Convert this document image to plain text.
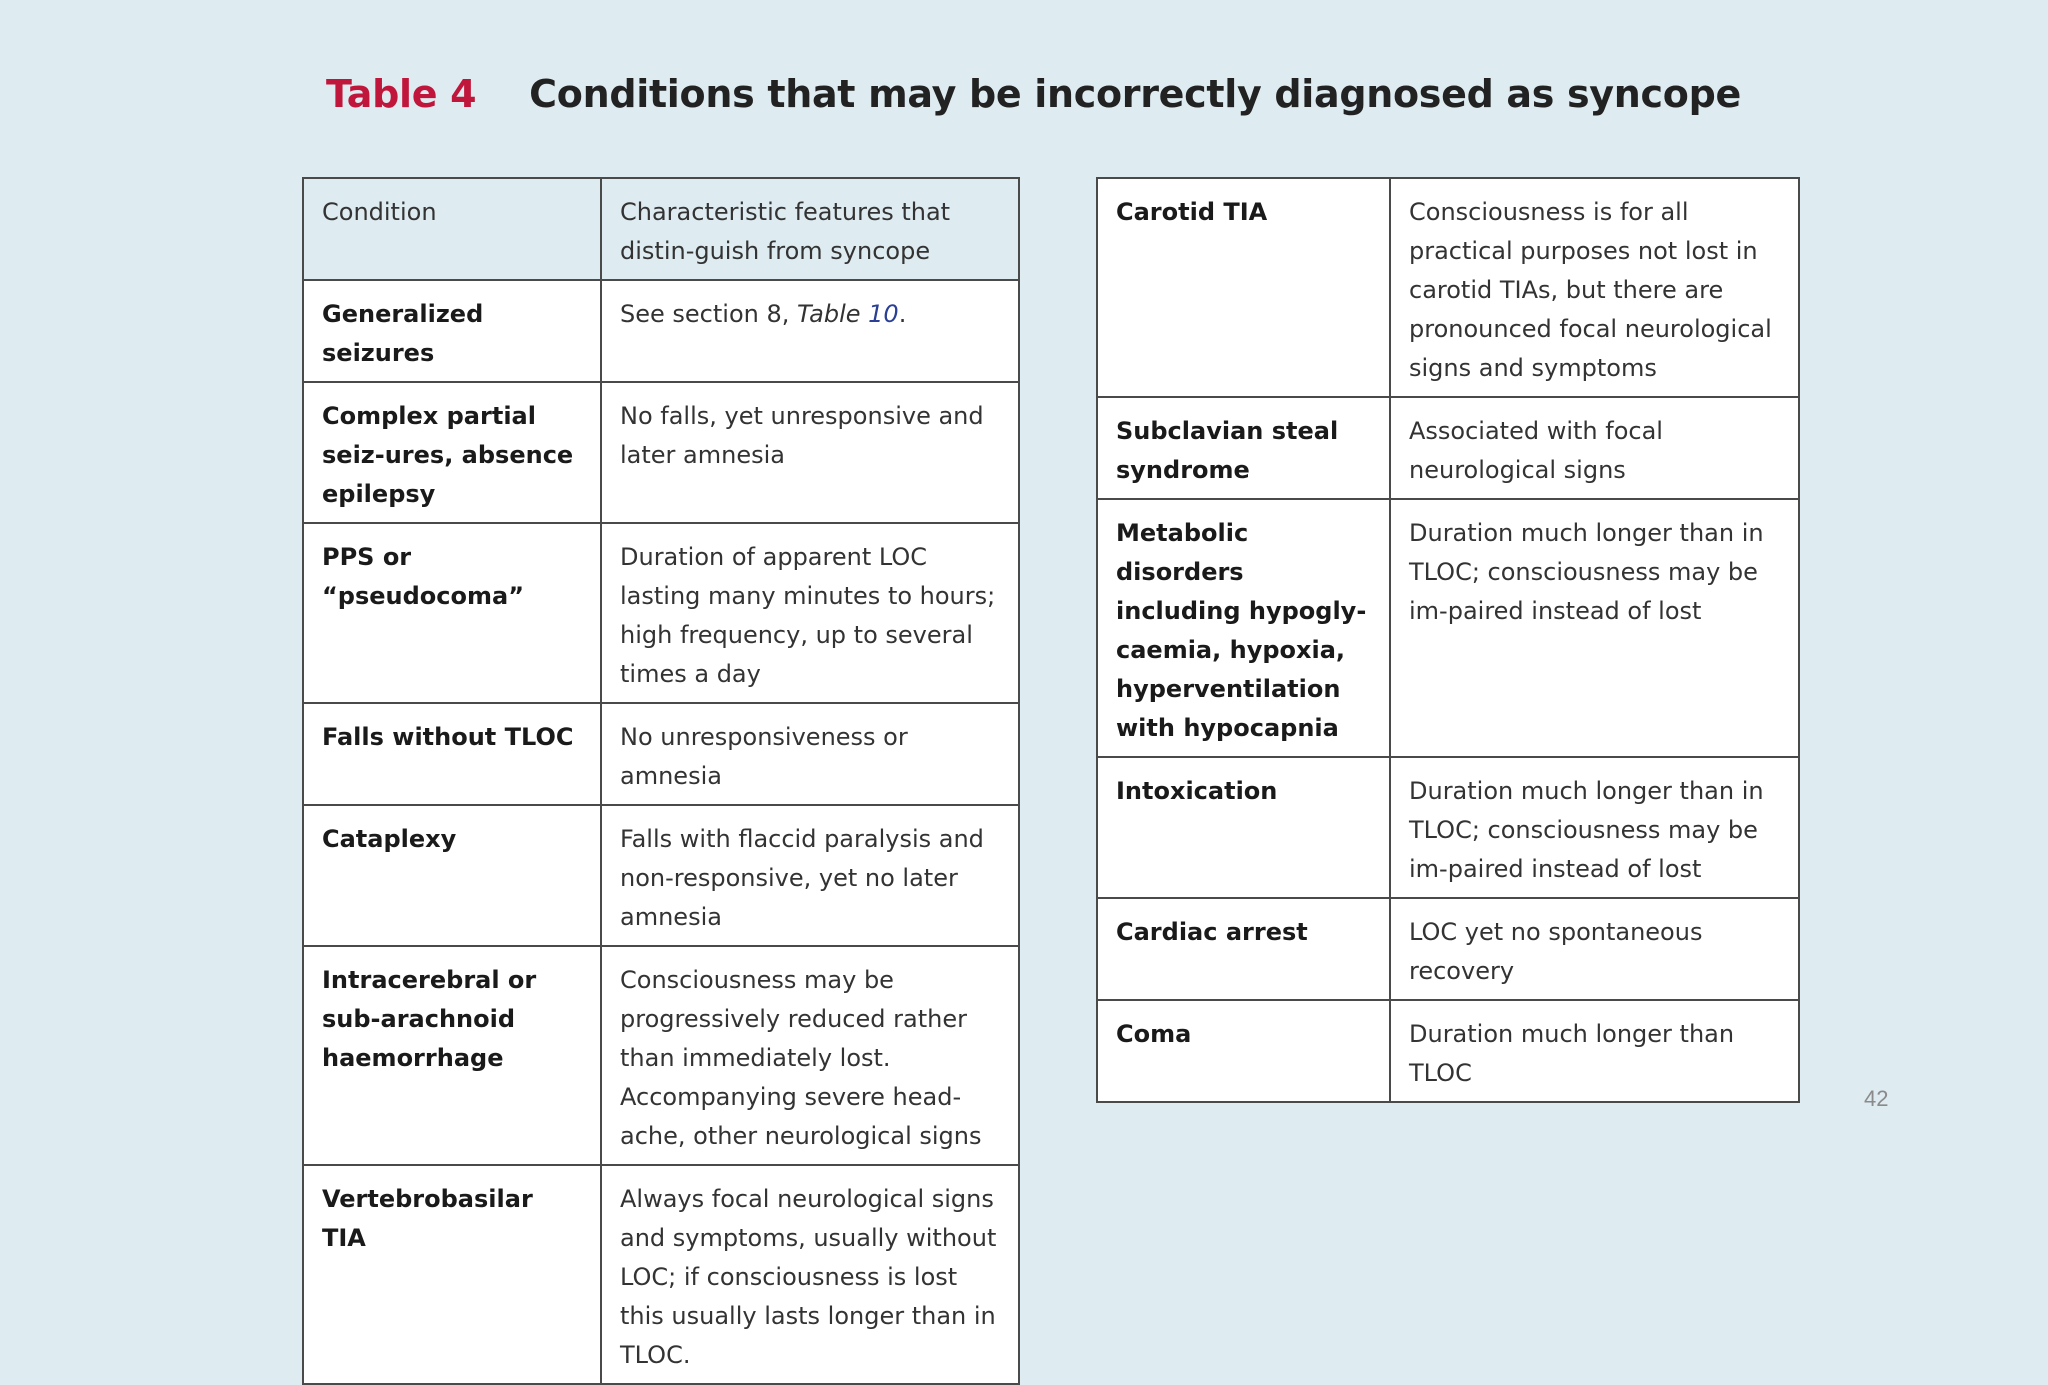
Table 4 Conditions that may be incorrectly diagnosed as syncope
Condition	Characteristic features that distin-guish from syncope
Generalized seizures	See section 8, Table 10.
Complex partial seiz-ures, absence epilepsy	No falls, yet unresponsive and later amnesia
PPS or “pseudocoma”	Duration of apparent LOC lasting many minutes to hours; high frequency, up to several times a day
Falls without TLOC	No unresponsiveness or amnesia
Cataplexy	Falls with flaccid paralysis and non-responsive, yet no later amnesia
Intracerebral or sub-arachnoid haemorrhage	Consciousness may be progressively reduced rather than immediately lost. Accompanying severe head-ache, other neurological signs
Vertebrobasilar TIA	Always focal neurological signs and symptoms, usually without LOC; if consciousness is lost this usually lasts longer than in TLOC.
Carotid TIA	Consciousness is for all practical purposes not lost in carotid TIAs, but there are pronounced focal neurological signs and symptoms
Subclavian steal syndrome	Associated with focal neurological signs
Metabolic disorders including hypogly-caemia, hypoxia, hyperventilation with hypocapnia	Duration much longer than in TLOC; consciousness may be im-paired instead of lost
Intoxication	Duration much longer than in TLOC; consciousness may be im-paired instead of lost
Cardiac arrest	LOC yet no spontaneous recovery
Coma	Duration much longer than TLOC
42
